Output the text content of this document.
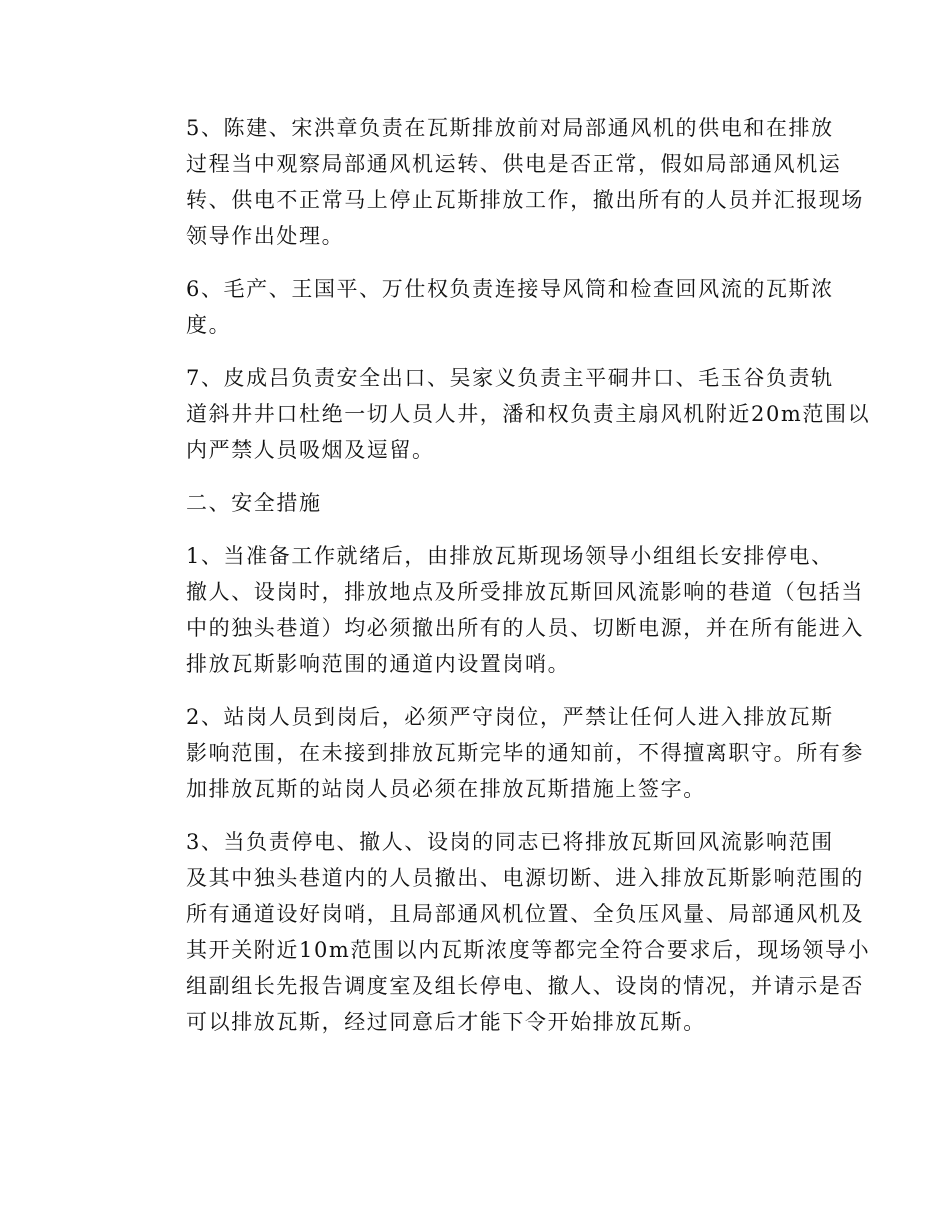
5、陈建、宋洪章负责在瓦斯排放前对局部通风机的供电和在排放
过程当中观察局部通风机运转、供电是否正常，假如局部通风机运
转、供电不正常马上停止瓦斯排放工作，撤出所有的人员并汇报现场
领导作出处理。

6、毛产、王国平、万仕权负责连接导风筒和检查回风流的瓦斯浓
度。

7、皮成吕负责安全出口、吴家义负责主平硐井口、毛玉谷负责轨
道斜井井口杜绝一切人员人井，潘和权负责主扇风机附近20m范围以
内严禁人员吸烟及逗留。

二、安全措施

1、当准备工作就绪后，由排放瓦斯现场领导小组组长安排停电、
撤人、设岗时，排放地点及所受排放瓦斯回风流影响的巷道（包括当
中的独头巷道）均必须撤出所有的人员、切断电源，并在所有能进入
排放瓦斯影响范围的通道内设置岗哨。

2、站岗人员到岗后，必须严守岗位，严禁让任何人进入排放瓦斯
影响范围，在未接到排放瓦斯完毕的通知前，不得擅离职守。所有参
加排放瓦斯的站岗人员必须在排放瓦斯措施上签字。

3、当负责停电、撤人、设岗的同志已将排放瓦斯回风流影响范围
及其中独头巷道内的人员撤出、电源切断、进入排放瓦斯影响范围的
所有通道设好岗哨，且局部通风机位置、全负压风量、局部通风机及
其开关附近10m范围以内瓦斯浓度等都完全符合要求后，现场领导小
组副组长先报告调度室及组长停电、撤人、设岗的情况，并请示是否
可以排放瓦斯，经过同意后才能下令开始排放瓦斯。
